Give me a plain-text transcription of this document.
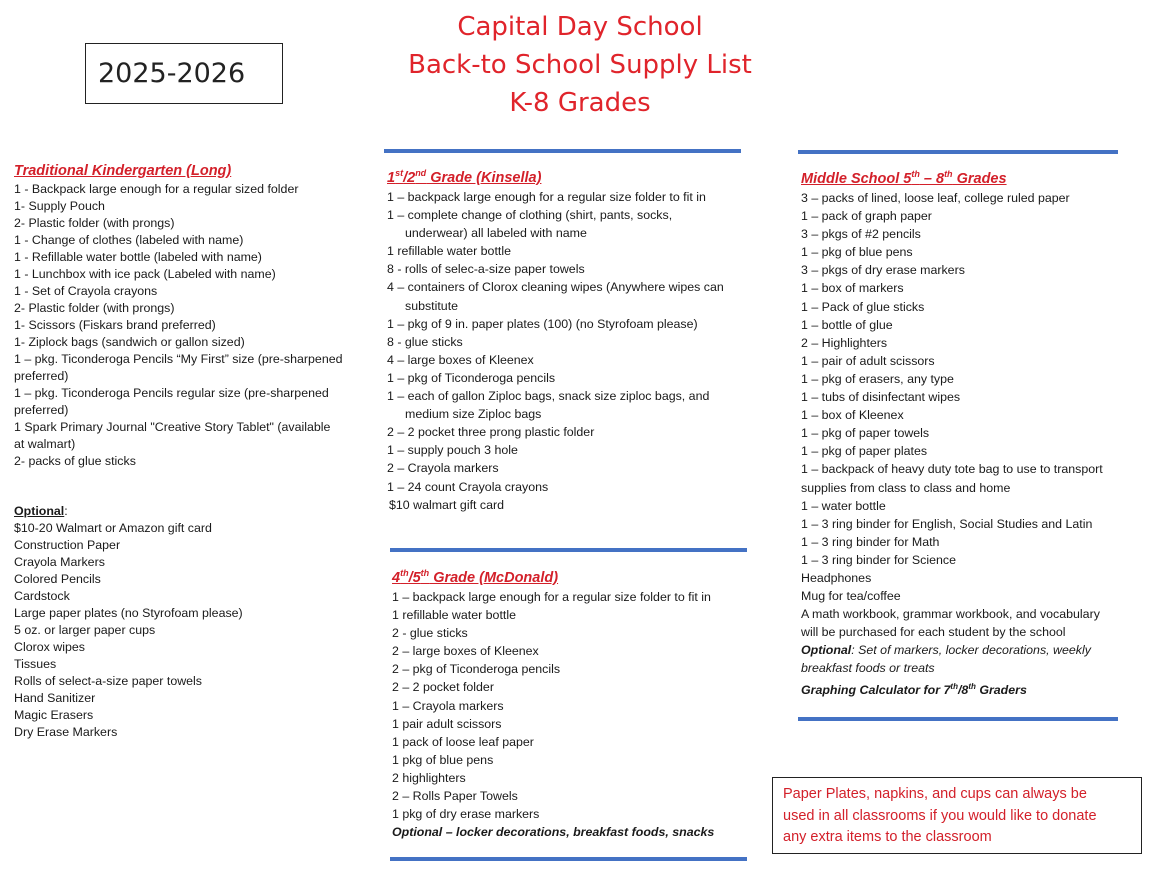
2025-2026
Capital Day School
Back-to School Supply List
K-8 Grades
Traditional Kindergarten (Long)
1 - Backpack large enough for a regular sized folder
1- Supply Pouch
2- Plastic folder (with prongs)
1 - Change of clothes (labeled with name)
1 - Refillable water bottle (labeled with name)
1 - Lunchbox with ice pack (Labeled with name)
1 - Set of Crayola crayons
2- Plastic folder (with prongs)
1- Scissors (Fiskars brand preferred)
1- Ziplock bags (sandwich or gallon sized)
1 – pkg. Ticonderoga Pencils “My First” size (pre-sharpened preferred)
1 – pkg. Ticonderoga Pencils regular size (pre-sharpened preferred)
1 Spark Primary Journal "Creative Story Tablet" (available at walmart)
2- packs of glue sticks
Optional:
$10-20 Walmart or Amazon gift card
Construction Paper
Crayola Markers
Colored Pencils
Cardstock
Large paper plates (no Styrofoam please)
5 oz. or larger paper cups
Clorox wipes
Tissues
Rolls of select-a-size paper towels
Hand Sanitizer
Magic Erasers
Dry Erase Markers
1st/2nd Grade (Kinsella)
1 – backpack large enough for a regular size folder to fit in
1 – complete change of clothing (shirt, pants, socks,
underwear) all labeled with name
1 refillable water bottle
8 - rolls of selec-a-size paper towels
4 – containers of Clorox cleaning wipes (Anywhere wipes can
substitute
1 – pkg of 9 in. paper plates (100) (no Styrofoam please)
8 - glue sticks
4 – large boxes of Kleenex
1 – pkg of Ticonderoga pencils
1 – each of gallon Ziploc bags, snack size ziploc bags, and
medium size Ziploc bags
2 – 2 pocket three prong plastic folder
1 – supply pouch 3 hole
2 – Crayola markers
1 – 24 count Crayola crayons
$10 walmart gift card
4th/5th Grade (McDonald)
1 – backpack large enough for a regular size folder to fit in
1 refillable water bottle
2 - glue sticks
2 – large boxes of Kleenex
2 – pkg of Ticonderoga pencils
2 – 2 pocket folder
1 – Crayola markers
1 pair adult scissors
1 pack of loose leaf paper
1 pkg of blue pens
2 highlighters
2 – Rolls Paper Towels
1 pkg of dry erase markers
Optional – locker decorations, breakfast foods, snacks
Middle School 5th – 8th Grades
3 – packs of lined, loose leaf, college ruled paper
1 – pack of graph paper
3 – pkgs of #2 pencils
1 – pkg of blue pens
3 – pkgs of dry erase markers
1 – box of markers
1 – Pack of glue sticks
1 – bottle of glue
2 – Highlighters
1 – pair of adult scissors
1 – pkg of erasers, any type
1 – tubs of disinfectant wipes
1 – box of Kleenex
1 – pkg of paper towels
1 – pkg of paper plates
1 – backpack of heavy duty tote bag to use to transport
supplies from class to class and home
1 – water bottle
1 – 3 ring binder for English, Social Studies and Latin
1 – 3 ring binder for Math
1 – 3 ring binder for Science
Headphones
Mug for tea/coffee
A math workbook, grammar workbook, and vocabulary
will be purchased for each student by the school
Optional: Set of markers, locker decorations, weekly
breakfast foods or treats
Graphing Calculator for 7th/8th Graders
Paper Plates, napkins, and cups can always be
used in all classrooms if you would like to donate
any extra items to the classroom
